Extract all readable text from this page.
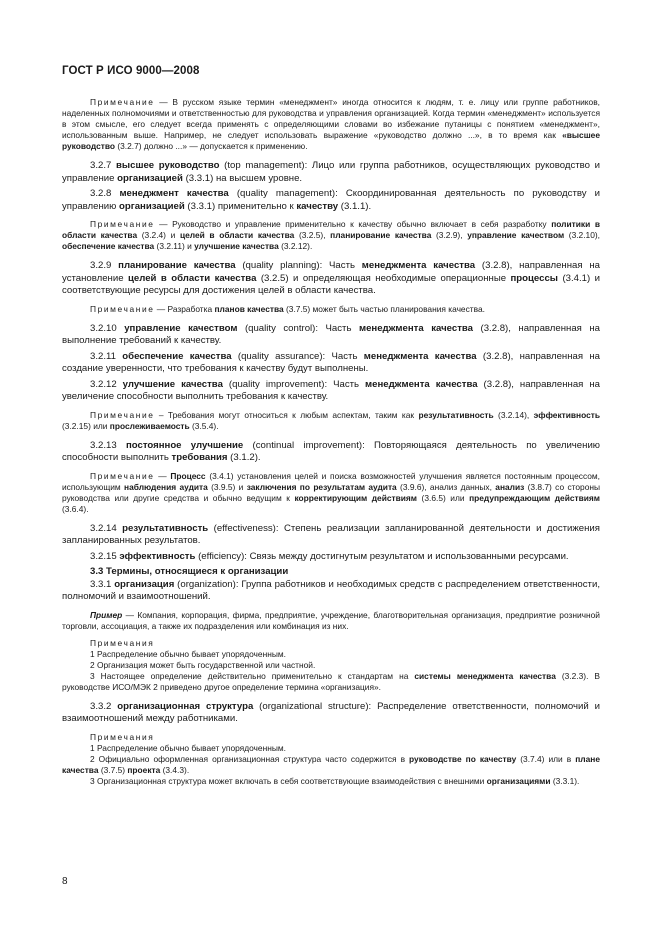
ГОСТ Р ИСО 9000—2008

Примечание — В русском языке термин «менеджмент» иногда относится к людям, т. е. лицу или группе работников, наделенных полномочиями и ответственностью для руководства и управления организацией. Когда термин «менеджмент» используется в этом смысле, его следует всегда применять с определяющими словами во избежание путаницы с понятием «менеджмент», использованным выше. Например, не следует использовать выражение «руководство должно ...», в то время как «высшее руководство (3.2.7) должно ...» — допускается к применению.

3.2.7 высшее руководство (top management): Лицо или группа работников, осуществляющих руководство и управление организацией (3.3.1) на высшем уровне.

3.2.8 менеджмент качества (quality management): Скоординированная деятельность по руководству и управлению организацией (3.3.1) применительно к качеству (3.1.1).

Примечание — Руководство и управление применительно к качеству обычно включает в себя разработку политики в области качества (3.2.4) и целей в области качества (3.2.5), планирование качества (3.2.9), управление качеством (3.2.10), обеспечение качества (3.2.11) и улучшение качества (3.2.12).

3.2.9 планирование качества (quality planning): Часть менеджмента качества (3.2.8), направленная на установление целей в области качества (3.2.5) и определяющая необходимые операционные процессы (3.4.1) и соответствующие ресурсы для достижения целей в области качества.

Примечание — Разработка планов качества (3.7.5) может быть частью планирования качества.

3.2.10 управление качеством (quality control): Часть менеджмента качества (3.2.8), направленная на выполнение требований к качеству.

3.2.11 обеспечение качества (quality assurance): Часть менеджмента качества (3.2.8), направленная на создание уверенности, что требования к качеству будут выполнены.

3.2.12 улучшение качества (quality improvement): Часть менеджмента качества (3.2.8), направленная на увеличение способности выполнить требования к качеству.

Примечание – Требования могут относиться к любым аспектам, таким как результативность (3.2.14), эффективность (3.2.15) или прослеживаемость (3.5.4).

3.2.13 постоянное улучшение (continual improvement): Повторяющаяся деятельность по увеличению способности выполнить требования (3.1.2).

Примечание — Процесс (3.4.1) установления целей и поиска возможностей улучшения является постоянным процессом, использующим наблюдения аудита (3.9.5) и заключения по результатам аудита (3.9.6), анализ данных, анализ (3.8.7) со стороны руководства или другие средства и обычно ведущим к корректирующим действиям (3.6.5) или предупреждающим действиям (3.6.4).

3.2.14 результативность (effectiveness): Степень реализации запланированной деятельности и достижения запланированных результатов.

3.2.15 эффективность (efficiency): Связь между достигнутым результатом и использованными ресурсами.

3.3 Термины, относящиеся к организации

3.3.1 организация (organization): Группа работников и необходимых средств с распределением ответственности, полномочий и взаимоотношений.

Пример — Компания, корпорация, фирма, предприятие, учреждение, благотворительная организация, предприятие розничной торговли, ассоциация, а также их подразделения или комбинация из них.

Примечания

1 Распределение обычно бывает упорядоченным.

2 Организация может быть государственной или частной.

3 Настоящее определение действительно применительно к стандартам на системы менеджмента качества (3.2.3). В руководстве ИСО/МЭК 2 приведено другое определение термина «организация».

3.3.2 организационная структура (organizational structure): Распределение ответственности, полномочий и взаимоотношений между работниками.

Примечания

1 Распределение обычно бывает упорядоченным.

2 Официально оформленная организационная структура часто содержится в руководстве по качеству (3.7.4) или в плане качества (3.7.5) проекта (3.4.3).

3 Организационная структура может включать в себя соответствующие взаимодействия с внешними организациями (3.3.1).

8
